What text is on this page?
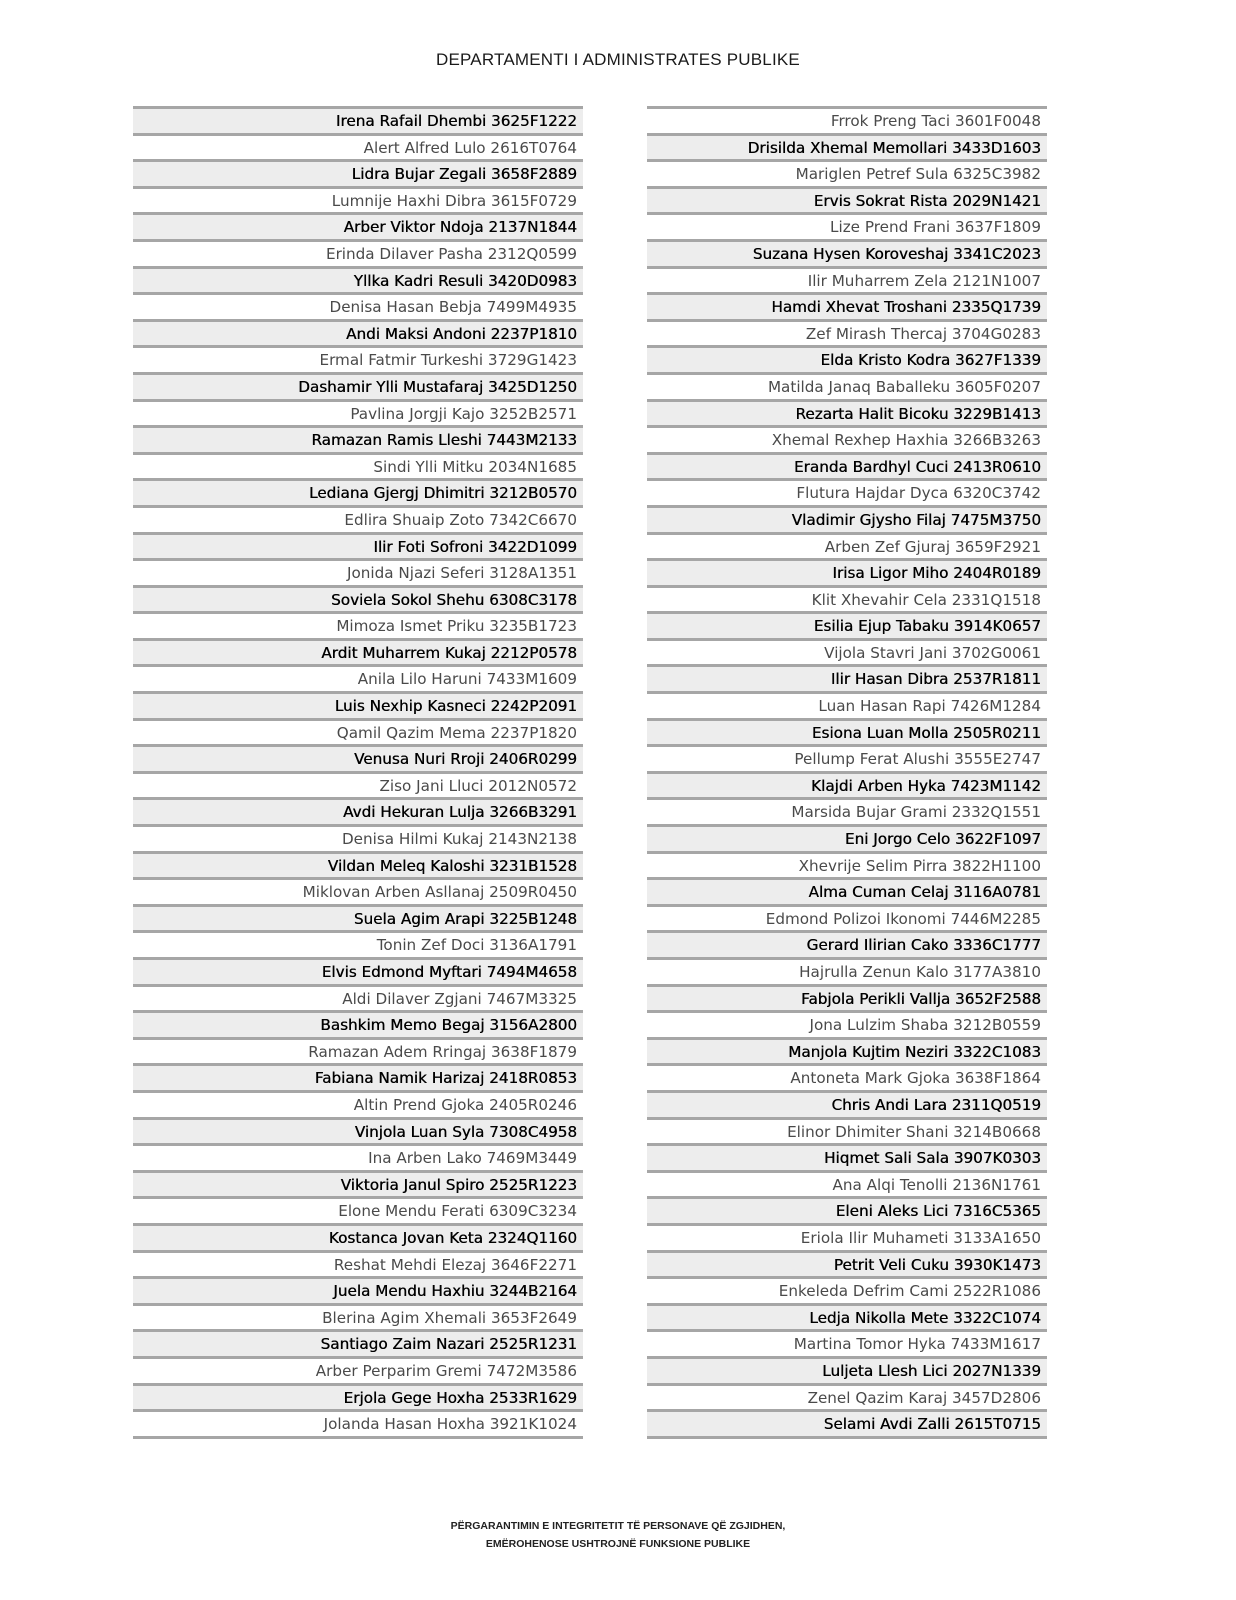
DEPARTAMENTI I ADMINISTRATES PUBLIKE
Irena Rafail Dhembi 3625F1222
Alert Alfred Lulo 2616T0764
Lidra Bujar Zegali 3658F2889
Lumnije Haxhi Dibra 3615F0729
Arber Viktor Ndoja 2137N1844
Erinda Dilaver Pasha 2312Q0599
Yllka Kadri Resuli 3420D0983
Denisa Hasan Bebja 7499M4935
Andi Maksi Andoni 2237P1810
Ermal Fatmir Turkeshi 3729G1423
Dashamir Ylli Mustafaraj 3425D1250
Pavlina Jorgji Kajo 3252B2571
Ramazan Ramis Lleshi 7443M2133
Sindi Ylli Mitku 2034N1685
Lediana Gjergj Dhimitri 3212B0570
Edlira Shuaip Zoto 7342C6670
Ilir Foti Sofroni 3422D1099
Jonida Njazi Seferi 3128A1351
Soviela Sokol Shehu 6308C3178
Mimoza Ismet Priku 3235B1723
Ardit Muharrem Kukaj 2212P0578
Anila Lilo Haruni 7433M1609
Luis Nexhip Kasneci 2242P2091
Qamil Qazim Mema 2237P1820
Venusa Nuri Rroji 2406R0299
Ziso Jani Lluci 2012N0572
Avdi Hekuran Lulja 3266B3291
Denisa Hilmi Kukaj 2143N2138
Vildan Meleq Kaloshi 3231B1528
Miklovan Arben Asllanaj 2509R0450
Suela Agim Arapi 3225B1248
Tonin Zef Doci 3136A1791
Elvis Edmond Myftari 7494M4658
Aldi Dilaver Zgjani 7467M3325
Bashkim Memo Begaj 3156A2800
Ramazan Adem Rringaj 3638F1879
Fabiana Namik Harizaj 2418R0853
Altin Prend Gjoka 2405R0246
Vinjola Luan Syla 7308C4958
Ina Arben Lako 7469M3449
Viktoria Janul Spiro 2525R1223
Elone Mendu Ferati 6309C3234
Kostanca Jovan Keta 2324Q1160
Reshat Mehdi Elezaj 3646F2271
Juela Mendu Haxhiu 3244B2164
Blerina Agim Xhemali 3653F2649
Santiago Zaim Nazari 2525R1231
Arber Perparim Gremi 7472M3586
Erjola Gege Hoxha 2533R1629
Jolanda Hasan Hoxha 3921K1024
Frrok Preng Taci 3601F0048
Drisilda Xhemal Memollari 3433D1603
Mariglen Petref Sula 6325C3982
Ervis Sokrat Rista 2029N1421
Lize Prend Frani 3637F1809
Suzana Hysen Koroveshaj 3341C2023
Ilir Muharrem Zela 2121N1007
Hamdi Xhevat Troshani 2335Q1739
Zef Mirash Thercaj 3704G0283
Elda Kristo Kodra 3627F1339
Matilda Janaq Baballeku 3605F0207
Rezarta Halit Bicoku 3229B1413
Xhemal Rexhep Haxhia 3266B3263
Eranda Bardhyl Cuci 2413R0610
Flutura Hajdar Dyca 6320C3742
Vladimir Gjysho Filaj 7475M3750
Arben Zef Gjuraj 3659F2921
Irisa Ligor Miho 2404R0189
Klit Xhevahir Cela 2331Q1518
Esilia Ejup Tabaku 3914K0657
Vijola Stavri Jani 3702G0061
Ilir Hasan Dibra 2537R1811
Luan Hasan Rapi 7426M1284
Esiona Luan Molla 2505R0211
Pellump Ferat Alushi 3555E2747
Klajdi Arben Hyka 7423M1142
Marsida Bujar Grami 2332Q1551
Eni Jorgo Celo 3622F1097
Xhevrije Selim Pirra 3822H1100
Alma Cuman Celaj 3116A0781
Edmond Polizoi Ikonomi 7446M2285
Gerard Ilirian Cako 3336C1777
Hajrulla Zenun Kalo 3177A3810
Fabjola Perikli Vallja 3652F2588
Jona Lulzim Shaba 3212B0559
Manjola Kujtim Neziri 3322C1083
Antoneta Mark Gjoka 3638F1864
Chris Andi Lara 2311Q0519
Elinor Dhimiter Shani 3214B0668
Hiqmet Sali Sala 3907K0303
Ana Alqi Tenolli 2136N1761
Eleni Aleks Lici 7316C5365
Eriola Ilir Muhameti 3133A1650
Petrit Veli Cuku 3930K1473
Enkeleda Defrim Cami 2522R1086
Ledja Nikolla Mete 3322C1074
Martina Tomor Hyka 7433M1617
Luljeta Llesh Lici 2027N1339
Zenel Qazim Karaj 3457D2806
Selami Avdi Zalli 2615T0715
PËRGARANTIMIN E INTEGRITETIT TË PERSONAVE QË ZGJIDHEN,
EMËROHENOSE USHTROJNË FUNKSIONE PUBLIKE
